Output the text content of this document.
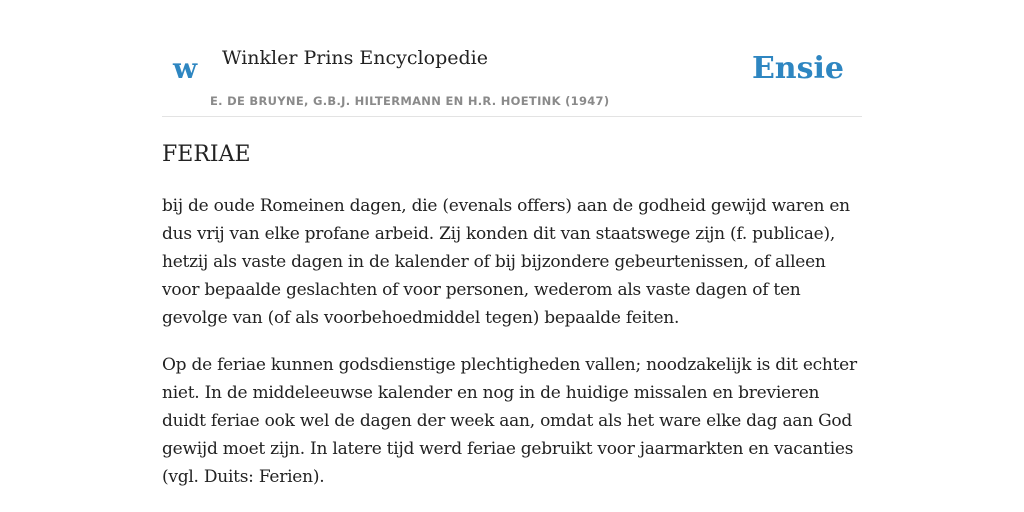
w Winkler Prins Encyclopedie
E. DE BRUYNE, G.B.J. HILTERMANN EN H.R. HOETINK (1947)
Ensie
FERIAE

bij de oude Romeinen dagen, die (evenals offers) aan de godheid gewijd waren en dus vrij van elke profane arbeid. Zij konden dit van staatswege zijn (f. publicae), hetzij als vaste dagen in de kalender of bij bijzondere gebeurtenissen, of alleen voor bepaalde geslachten of voor personen, wederom als vaste dagen of ten gevolge van (of als voorbehoedmiddel tegen) bepaalde feiten.

Op de feriae kunnen godsdienstige plechtigheden vallen; noodzakelijk is dit echter niet. In de middeleeuwse kalender en nog in de huidige missalen en brevieren duidt feriae ook wel de dagen der week aan, omdat als het ware elke dag aan God gewijd moet zijn. In latere tijd werd feriae gebruikt voor jaarmarkten en vacanties (vgl. Duits: Ferien).
